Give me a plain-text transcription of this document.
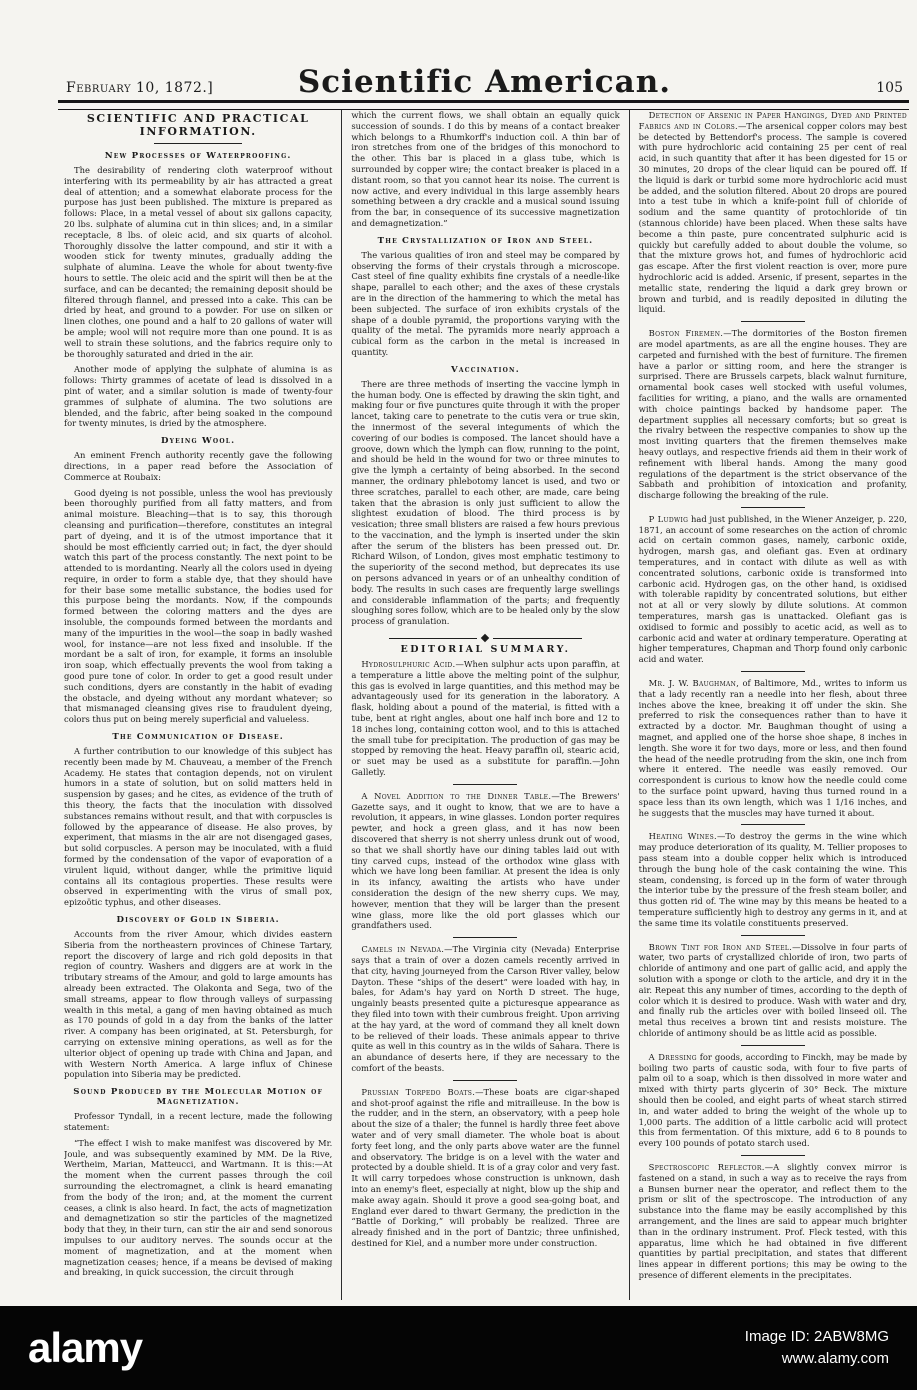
February 10, 1872.]	Scientific American.	105
SCIENTIFIC AND PRACTICAL INFORMATION.
New Processes of Waterproofing.

The desirability of rendering cloth waterproof without interfering with its permeability by air has attracted a great deal of attention; and a somewhat elaborate process for the purpose has just been published. The mixture is prepared as follows: Place, in a metal vessel of about six gallons capacity, 20 lbs. sulphate of alumina cut in thin slices; and, in a similar receptacle, 8 lbs. of oleic acid, and six quarts of alcohol. Thoroughly dissolve the latter compound, and stir it with a wooden stick for twenty minutes, gradually adding the sulphate of alumina. Leave the whole for about twenty-five hours to settle. The oleic acid and the spirit will then be at the surface, and can be decanted; the remaining deposit should be filtered through flannel, and pressed into a cake. This can be dried by heat, and ground to a powder. For use on silken or linen clothes, one pound and a half to 20 gallons of water will be ample; wool will not require more than one pound. It is as well to strain these solutions, and the fabrics require only to be thoroughly saturated and dried in the air.

Another mode of applying the sulphate of alumina is as follows: Thirty grammes of acetate of lead is dissolved in a pint of water, and a similar solution is made of twenty-four grammes of sulphate of alumina. The two solutions are blended, and the fabric, after being soaked in the compound for twenty minutes, is dried by the atmosphere.

Dyeing Wool.

An eminent French authority recently gave the following directions, in a paper read before the Association of Commerce at Roubaix:

Good dyeing is not possible, unless the wool has previously been thoroughly purified from all fatty matters, and from animal moisture. Bleaching—that is to say, this thorough cleansing and purification—therefore, constitutes an integral part of dyeing, and it is of the utmost importance that it should be most efficiently carried out; in fact, the dyer should watch this part of the process constantly. The next point to be attended to is mordanting. Nearly all the colors used in dyeing require, in order to form a stable dye, that they should have for their base some metallic substance, the bodies used for this purpose being the mordants. Now, if the compounds formed between the coloring matters and the dyes are insoluble, the compounds formed between the mordants and many of the impurities in the wool—the soap in badly washed wool, for instance—are not less fixed and insoluble. If the mordant be a salt of iron, for example, it forms an insoluble iron soap, which effectually prevents the wool from taking a good pure tone of color. In order to get a good result under such conditions, dyers are constantly in the habit of evading the obstacle, and dyeing without any mordant whatever; so that mismanaged cleansing gives rise to fraudulent dyeing, colors thus put on being merely superficial and valueless.

The Communication of Disease.

A further contribution to our knowledge of this subject has recently been made by M. Chauveau, a member of the French Academy. He states that contagion depends, not on virulent humors in a state of solution, but on solid matters held in suspension by gases; and he cites, as evidence of the truth of this theory, the facts that the inoculation with dissolved substances remains without result, and that with corpuscles is followed by the appearance of disease. He also proves, by experiment, that miasms in the air are not disengaged gases, but solid corpuscles. A person may be inoculated, with a fluid formed by the condensation of the vapor of evaporation of a virulent liquid, without danger, while the primitive liquid contains all its contagious properties. These results were observed in experimenting with the virus of small pox, epizoötic typhus, and other diseases.

Discovery of Gold in Siberia.

Accounts from the river Amour, which divides eastern Siberia from the northeastern provinces of Chinese Tartary, report the discovery of large and rich gold deposits in that region of country. Washers and diggers are at work in the tributary streams of the Amour, and gold to large amounts has already been extracted. The Olakonta and Sega, two of the small streams, appear to flow through valleys of surpassing wealth in this metal, a gang of men having obtained as much as 170 pounds of gold in a day from the banks of the latter river. A company has been originated, at St. Petersburgh, for carrying on extensive mining operations, as well as for the ulterior object of opening up trade with China and Japan, and with Western North America. A large influx of Chinese population into Siberia may be predicted.

Sound Produced by the Molecular Motion of Magnetization.

Professor Tyndall, in a recent lecture, made the following statement:

“The effect I wish to make manifest was discovered by Mr. Joule, and was subsequently examined by MM. De la Rive, Wertheim, Marian, Matteucci, and Wartmann. It is this:—At the moment when the current passes through the coil surrounding the electromagnet, a clink is heard emanating from the body of the iron; and, at the moment the current ceases, a clink is also heard. In fact, the acts of magnetization and demagnetization so stir the particles of the magnetized body that they, in their turn, can stir the air and send sonorous impulses to our auditory nerves. The sounds occur at the moment of magnetization, and at the moment when magnetization ceases; hence, if a means be devised of making and breaking, in quick succession, the circuit through

which the current flows, we shall obtain an equally quick succession of sounds. I do this by means of a contact breaker which belongs to a Rhumkorff's induction coil. A thin bar of iron stretches from one of the bridges of this monochord to the other. This bar is placed in a glass tube, which is surrounded by copper wire; the contact breaker is placed in a distant room, so that you cannot hear its noise. The current is now active, and every individual in this large assembly hears something between a dry crackle and a musical sound issuing from the bar, in consequence of its successive magnetization and demagnetization.”

The Crystallization of Iron and Steel.

The various qualities of iron and steel may be compared by observing the forms of their crystals through a microscope. Cast steel of fine quality exhibits fine crystals of a needle-like shape, parallel to each other; and the axes of these crystals are in the direction of the hammering to which the metal has been subjected. The surface of iron exhibits crystals of the shape of a double pyramid, the proportions varying with the quality of the metal. The pyramids more nearly approach a cubical form as the carbon in the metal is increased in quantity.

Vaccination.

There are three methods of inserting the vaccine lymph in the human body. One is effected by drawing the skin tight, and making four or five punctures quite through it with the proper lancet, taking care to penetrate to the cutis vera or true skin, the innermost of the several integuments of which the covering of our bodies is composed. The lancet should have a groove, down which the lymph can flow, running to the point, and should be held in the wound for two or three minutes to give the lymph a certainty of being absorbed. In the second manner, the ordinary phlebotomy lancet is used, and two or three scratches, parallel to each other, are made, care being taken that the abrasion is only just sufficient to allow the slightest exudation of blood. The third process is by vesication; three small blisters are raised a few hours previous to the vaccination, and the lymph is inserted under the skin after the serum of the blisters has been pressed out. Dr. Richard Wilson, of London, gives most emphatic testimony to the superiority of the second method, but deprecates its use on persons advanced in years or of an unhealthy condition of body. The results in such cases are frequently large swellings and considerable inflammation of the parts; and frequently sloughing sores follow, which are to be healed only by the slow process of granulation.

EDITORIAL SUMMARY.

Hydrosulphuric Acid.—When sulphur acts upon paraffin, at a temperature a little above the melting point of the sulphur, this gas is evolved in large quantities, and this method may be advantageously used for its generation in the laboratory. A flask, holding about a pound of the material, is fitted with a tube, bent at right angles, about one half inch bore and 12 to 18 inches long, containing cotton wool, and to this is attached the small tube for precipitation. The production of gas may be stopped by removing the heat. Heavy paraffin oil, stearic acid, or suet may be used as a substitute for paraffin.—John Galletly.

A Novel Addition to the Dinner Table.—The Brewers' Gazette says, and it ought to know, that we are to have a revolution, it appears, in wine glasses. London porter requires pewter, and hock a green glass, and it has now been discovered that sherry is not sherry unless drunk out of wood, so that we shall shortly have our dining tables laid out with tiny carved cups, instead of the orthodox wine glass with which we have long been familiar. At present the idea is only in its infancy, awaiting the artists who have under consideration the design of the new sherry cups. We may, however, mention that they will be larger than the present wine glass, more like the old port glasses which our grandfathers used.

Camels in Nevada.—The Virginia city (Nevada) Enterprise says that a train of over a dozen camels recently arrived in that city, having journeyed from the Carson River valley, below Dayton. These “ships of the desert” were loaded with hay, in bales, for Adam's hay yard on North D street. The huge, ungainly beasts presented quite a picturesque appearance as they filed into town with their cumbrous freight. Upon arriving at the hay yard, at the word of command they all knelt down to be relieved of their loads. These animals appear to thrive quite as well in this country as in the wilds of Sahara. There is an abundance of deserts here, if they are necessary to the comfort of the beasts.

Prussian Torpedo Boats.—These boats are cigar-shaped and shot-proof against the rifle and mitrailleuse. In the bow is the rudder, and in the stern, an observatory, with a peep hole about the size of a thaler; the funnel is hardly three feet above water and of very small diameter. The whole boat is about forty feet long, and the only parts above water are the funnel and observatory. The bridge is on a level with the water and protected by a double shield. It is of a gray color and very fast. It will carry torpedoes whose construction is unknown, dash into an enemy's fleet, especially at night, blow up the ship and make away again. Should it prove a good sea-going boat, and England ever dared to thwart Germany, the prediction in the “Battle of Dorking,” will probably be realized. Three are already finished and in the port of Dantzic; three unfinished, destined for Kiel, and a number more under construction.

Detection of Arsenic in Paper Hangings, Dyed and Printed Fabrics and in Colors.—The arsenical copper colors may best be detected by Bettendorf's process. The sample is covered with pure hydrochloric acid containing 25 per cent of real acid, in such quantity that after it has been digested for 15 or 30 minutes, 20 drops of the clear liquid can be poured off. If the liquid is dark or turbid some more hydrochloric acid must be added, and the solution filtered. About 20 drops are poured into a test tube in which a knife-point full of chloride of sodium and the same quantity of protochloride of tin (stannous chloride) have been placed. When these salts have become a thin paste, pure concentrated sulphuric acid is quickly but carefully added to about double the volume, so that the mixture grows hot, and fumes of hydrochloric acid gas escape. After the first violent reaction is over, more pure hydrochloric acid is added. Arsenic, if present, separtes in the metallic state, rendering the liquid a dark grey brown or brown and turbid, and is readily deposited in diluting the liquid.

Boston Firemen.—The dormitories of the Boston firemen are model apartments, as are all the engine houses. They are carpeted and furnished with the best of furniture. The firemen have a parlor or sitting room, and here the stranger is surprised. There are Brussels carpets, black walnut furniture, ornamental book cases well stocked with useful volumes, facilities for writing, a piano, and the walls are ornamented with choice paintings backed by handsome paper. The department supplies all necessary comforts; but so great is the rivalry between the respective companies to show up the most inviting quarters that the firemen themselves make heavy outlays, and respective friends aid them in their work of refinement with liberal hands. Among the many good regulations of the department is the strict observance of the Sabbath and prohibition of intoxication and profanity, discharge following the breaking of the rule.

P Ludwig had just published, in the Wiener Anzeiger, p. 220, 1871, an account of some researches on the action of chromic acid on certain common gases, namely, carbonic oxide, hydrogen, marsh gas, and olefiant gas. Even at ordinary temperatures, and in contact with dilute as well as with concentrated solutions, carbonic oxide is transformed into carbonic acid. Hydrogen gas, on the other hand, is oxidised with tolerable rapidity by concentrated solutions, but either not at all or very slowly by dilute solutions. At common temperatures, marsh gas is unattacked. Olefiant gas is oxidised to formic and possibly to acetic acid, as well as to carbonic acid and water at ordinary temperature. Operating at higher temperatures, Chapman and Thorp found only carbonic acid and water.

Mr. J. W. Baughman, of Baltimore, Md., writes to inform us that a lady recently ran a needle into her flesh, about three inches above the knee, breaking it off under the skin. She preferred to risk the consequences rather than to have it extracted by a doctor. Mr. Baughman thought of using a magnet, and applied one of the horse shoe shape, 8 inches in length. She wore it for two days, more or less, and then found the head of the needle protruding from the skin, one inch from where it entered. The needle was easily removed. Our correspondent is curious to know how the needle could come to the surface point upward, having thus turned round in a space less than its own length, which was 1 1/16 inches, and he suggests that the muscles may have turned it about.

Heating Wines.—To destroy the germs in the wine which may produce deterioration of its quality, M. Tellier proposes to pass steam into a double copper helix which is introduced through the bung hole of the cask containing the wine. This steam, condensing, is forced up in the form of water through the interior tube by the pressure of the fresh steam boiler, and thus gotten rid of. The wine may by this means be heated to a temperature sufficiently high to destroy any germs in it, and at the same time its volatile constituents preserved.

Brown Tint for Iron and Steel.—Dissolve in four parts of water, two parts of crystallized chloride of iron, two parts of chloride of antimony and one part of gallic acid, and apply the solution with a sponge or cloth to the article, and dry it in the air. Repeat this any number of times, according to the depth of color which it is desired to produce. Wash with water and dry, and finally rub the articles over with boiled linseed oil. The metal thus receives a brown tint and resists moisture. The chloride of antimony should be as little acid as possible.

A Dressing for goods, according to Finckh, may be made by boiling two parts of caustic soda, with four to five parts of palm oil to a soap, which is then dissolved in more water and mixed with thirty parts glycerin of 30° Beck. The mixture should then be cooled, and eight parts of wheat starch stirred in, and water added to bring the weight of the whole up to 1,000 parts. The addition of a little carbolic acid will protect this from fermentation. Of this mixture, add 6 to 8 pounds to every 100 pounds of potato starch used.

Spectroscopic Reflector.—A slightly convex mirror is fastened on a stand, in such a way as to receive the rays from a Bunsen burner near the operator, and reflect them to the prism or slit of the spectroscope. The introduction of any substance into the flame may be easily accomplished by this arrangement, and the lines are said to appear much brighter than in the ordinary instrument. Prof. Fleck tested, with this apparatus, lime which he had obtained in five different quantities by partial precipitation, and states that different lines appear in different portions; this may be owing to the presence of different elements in the precipitates.

alamy	Image ID: 2ABW8MG
www.alamy.com
